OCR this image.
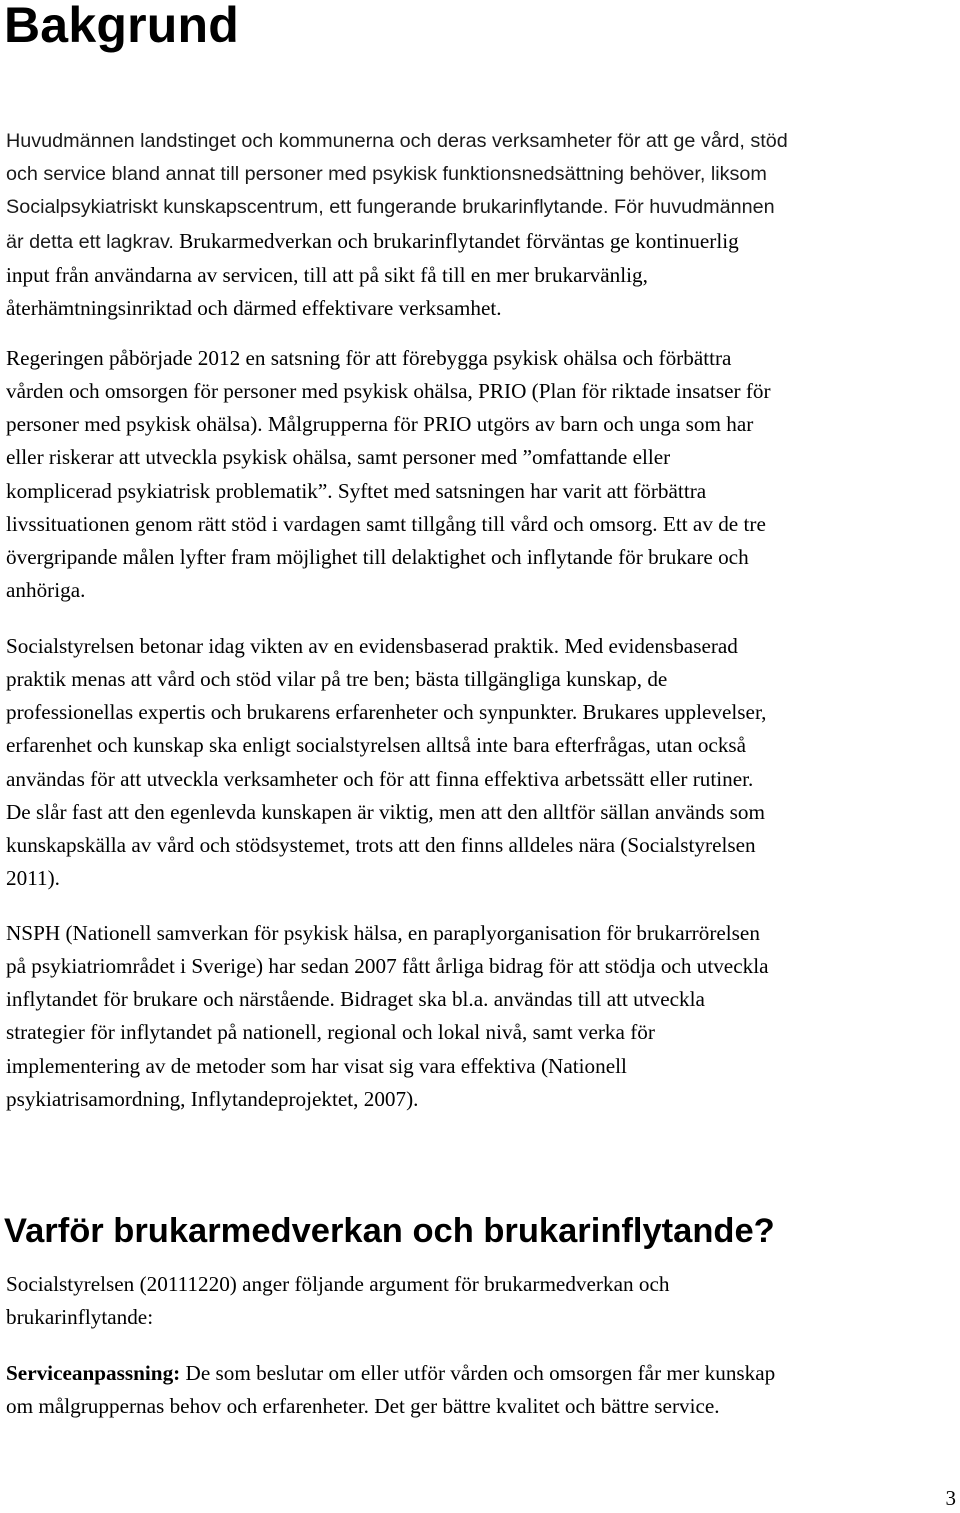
Bakgrund
Huvudmännen landstinget och kommunerna och deras verksamheter för att ge vård, stöd
och service bland annat till personer med psykisk funktionsnedsättning behöver, liksom
Socialpsykiatriskt kunskapscentrum, ett fungerande brukarinflytande. För huvudmännen
är detta ett lagkrav. Brukarmedverkan och brukarinflytandet förväntas ge kontinuerlig
input från användarna av servicen, till att på sikt få till en mer brukarvänlig,
återhämtningsinriktad och därmed effektivare verksamhet.
Regeringen påbörjade 2012 en satsning för att förebygga psykisk ohälsa och förbättra
vården och omsorgen för personer med psykisk ohälsa, PRIO (Plan för riktade insatser för
personer med psykisk ohälsa). Målgrupperna för PRIO utgörs av barn och unga som har
eller riskerar att utveckla psykisk ohälsa, samt personer med ”omfattande eller
komplicerad psykiatrisk problematik”. Syftet med satsningen har varit att förbättra
livssituationen genom rätt stöd i vardagen samt tillgång till vård och omsorg. Ett av de tre
övergripande målen lyfter fram möjlighet till delaktighet och inflytande för brukare och
anhöriga.
Socialstyrelsen betonar idag vikten av en evidensbaserad praktik. Med evidensbaserad
praktik menas att vård och stöd vilar på tre ben; bästa tillgängliga kunskap, de
professionellas expertis och brukarens erfarenheter och synpunkter. Brukares upplevelser,
erfarenhet och kunskap ska enligt socialstyrelsen alltså inte bara efterfrågas, utan också
användas för att utveckla verksamheter och för att finna effektiva arbetssätt eller rutiner.
De slår fast att den egenlevda kunskapen är viktig, men att den alltför sällan används som
kunskapskälla av vård och stödsystemet, trots att den finns alldeles nära (Socialstyrelsen
2011).
NSPH (Nationell samverkan för psykisk hälsa, en paraplyorganisation för brukarrörelsen
på psykiatriområdet i Sverige) har sedan 2007 fått årliga bidrag för att stödja och utveckla
inflytandet för brukare och närstående. Bidraget ska bl.a. användas till att utveckla
strategier för inflytandet på nationell, regional och lokal nivå, samt verka för
implementering av de metoder som har visat sig vara effektiva (Nationell
psykiatrisamordning, Inflytandeprojektet, 2007).
Varför brukarmedverkan och brukarinflytande?
Socialstyrelsen (20111220) anger följande argument för brukarmedverkan och
brukarinflytande:
Serviceanpassning: De som beslutar om eller utför vården och omsorgen får mer kunskap
om målgruppernas behov och erfarenheter. Det ger bättre kvalitet och bättre service.
3
